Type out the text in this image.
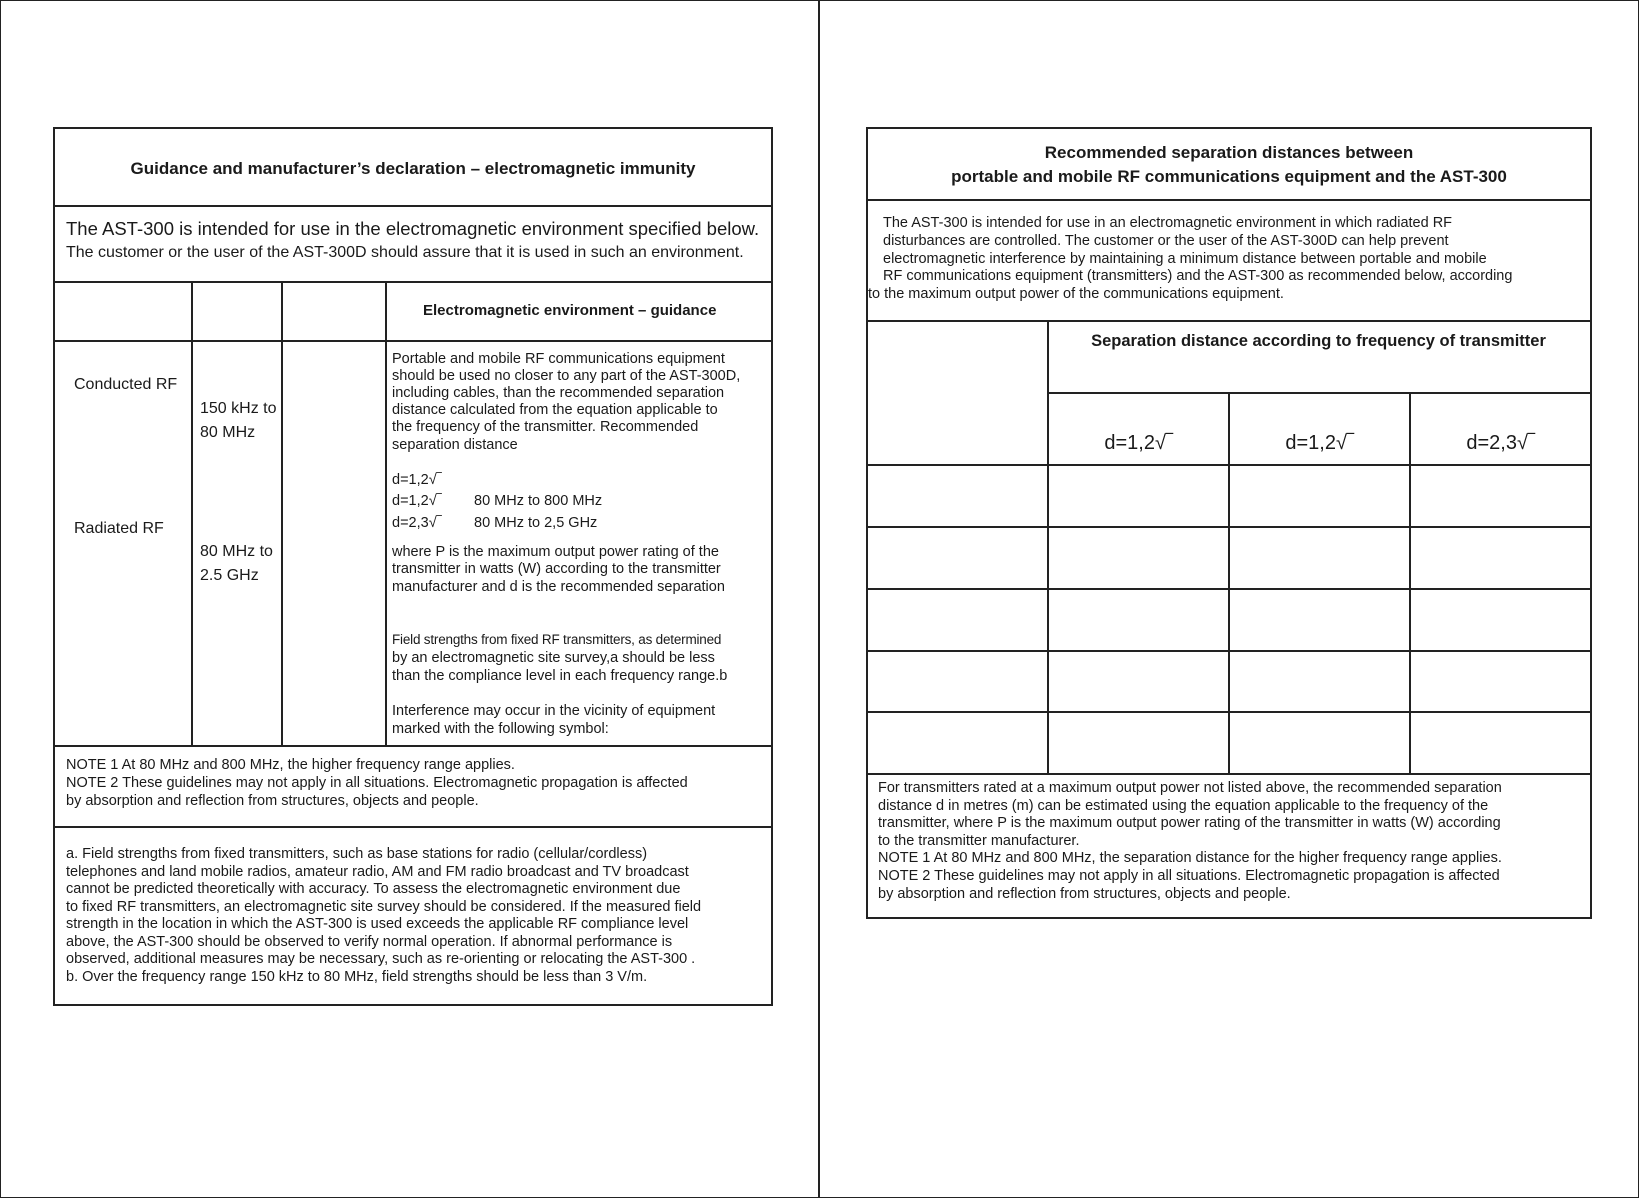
Guidance and manufacturer’s declaration – electromagnetic immunity
The AST-300 is intended for use in the electromagnetic environment specified below.
The customer or the user of the AST-300D should assure that it is used in such an environment.
Electromagnetic environment – guidance
Conducted RF
Radiated RF
150 kHz to
80 MHz
80 MHz to
2.5 GHz
Portable and mobile RF communications equipment
should be used no closer to any part of the AST-300D,
including cables, than the recommended separation
distance calculated from the equation applicable to
the frequency of the transmitter. Recommended
separation distance
d=1,2√‾
d=1,2√‾ 80 MHz to 800 MHz
d=2,3√‾ 80 MHz to 2,5 GHz
where P is the maximum output power rating of the
transmitter in watts (W) according to the transmitter
manufacturer and d is the recommended separation
Field strengths from fixed RF transmitters, as determined
by an electromagnetic site survey,a should be less
than the compliance level in each frequency range.b
Interference may occur in the vicinity of equipment
marked with the following symbol:
NOTE 1 At 80 MHz and 800 MHz, the higher frequency range applies.
NOTE 2 These guidelines may not apply in all situations. Electromagnetic propagation is affected
by absorption and reflection from structures, objects and people.
a. Field strengths from fixed transmitters, such as base stations for radio (cellular/cordless)
telephones and land mobile radios, amateur radio, AM and FM radio broadcast and TV broadcast
cannot be predicted theoretically with accuracy. To assess the electromagnetic environment due
to fixed RF transmitters, an electromagnetic site survey should be considered. If the measured field
strength in the location in which the AST-300 is used exceeds the applicable RF compliance level
above, the AST-300 should be observed to verify normal operation. If abnormal performance is
observed, additional measures may be necessary, such as re-orienting or relocating the AST-300 .
b. Over the frequency range 150 kHz to 80 MHz, field strengths should be less than 3 V/m.
Recommended separation distances between
portable and mobile RF communications equipment and the AST-300
The AST-300 is intended for use in an electromagnetic environment in which radiated RF
disturbances are controlled. The customer or the user of the AST-300D can help prevent
electromagnetic interference by maintaining a minimum distance between portable and mobile
RF communications equipment (transmitters) and the AST-300 as recommended below, according
to the maximum output power of the communications equipment.
Separation distance according to frequency of transmitter
d=1,2√‾	d=1,2√‾	d=2,3√‾
For transmitters rated at a maximum output power not listed above, the recommended separation
distance d in metres (m) can be estimated using the equation applicable to the frequency of the
transmitter, where P is the maximum output power rating of the transmitter in watts (W) according
to the transmitter manufacturer.
NOTE 1 At 80 MHz and 800 MHz, the separation distance for the higher frequency range applies.
NOTE 2 These guidelines may not apply in all situations. Electromagnetic propagation is affected
by absorption and reflection from structures, objects and people.
